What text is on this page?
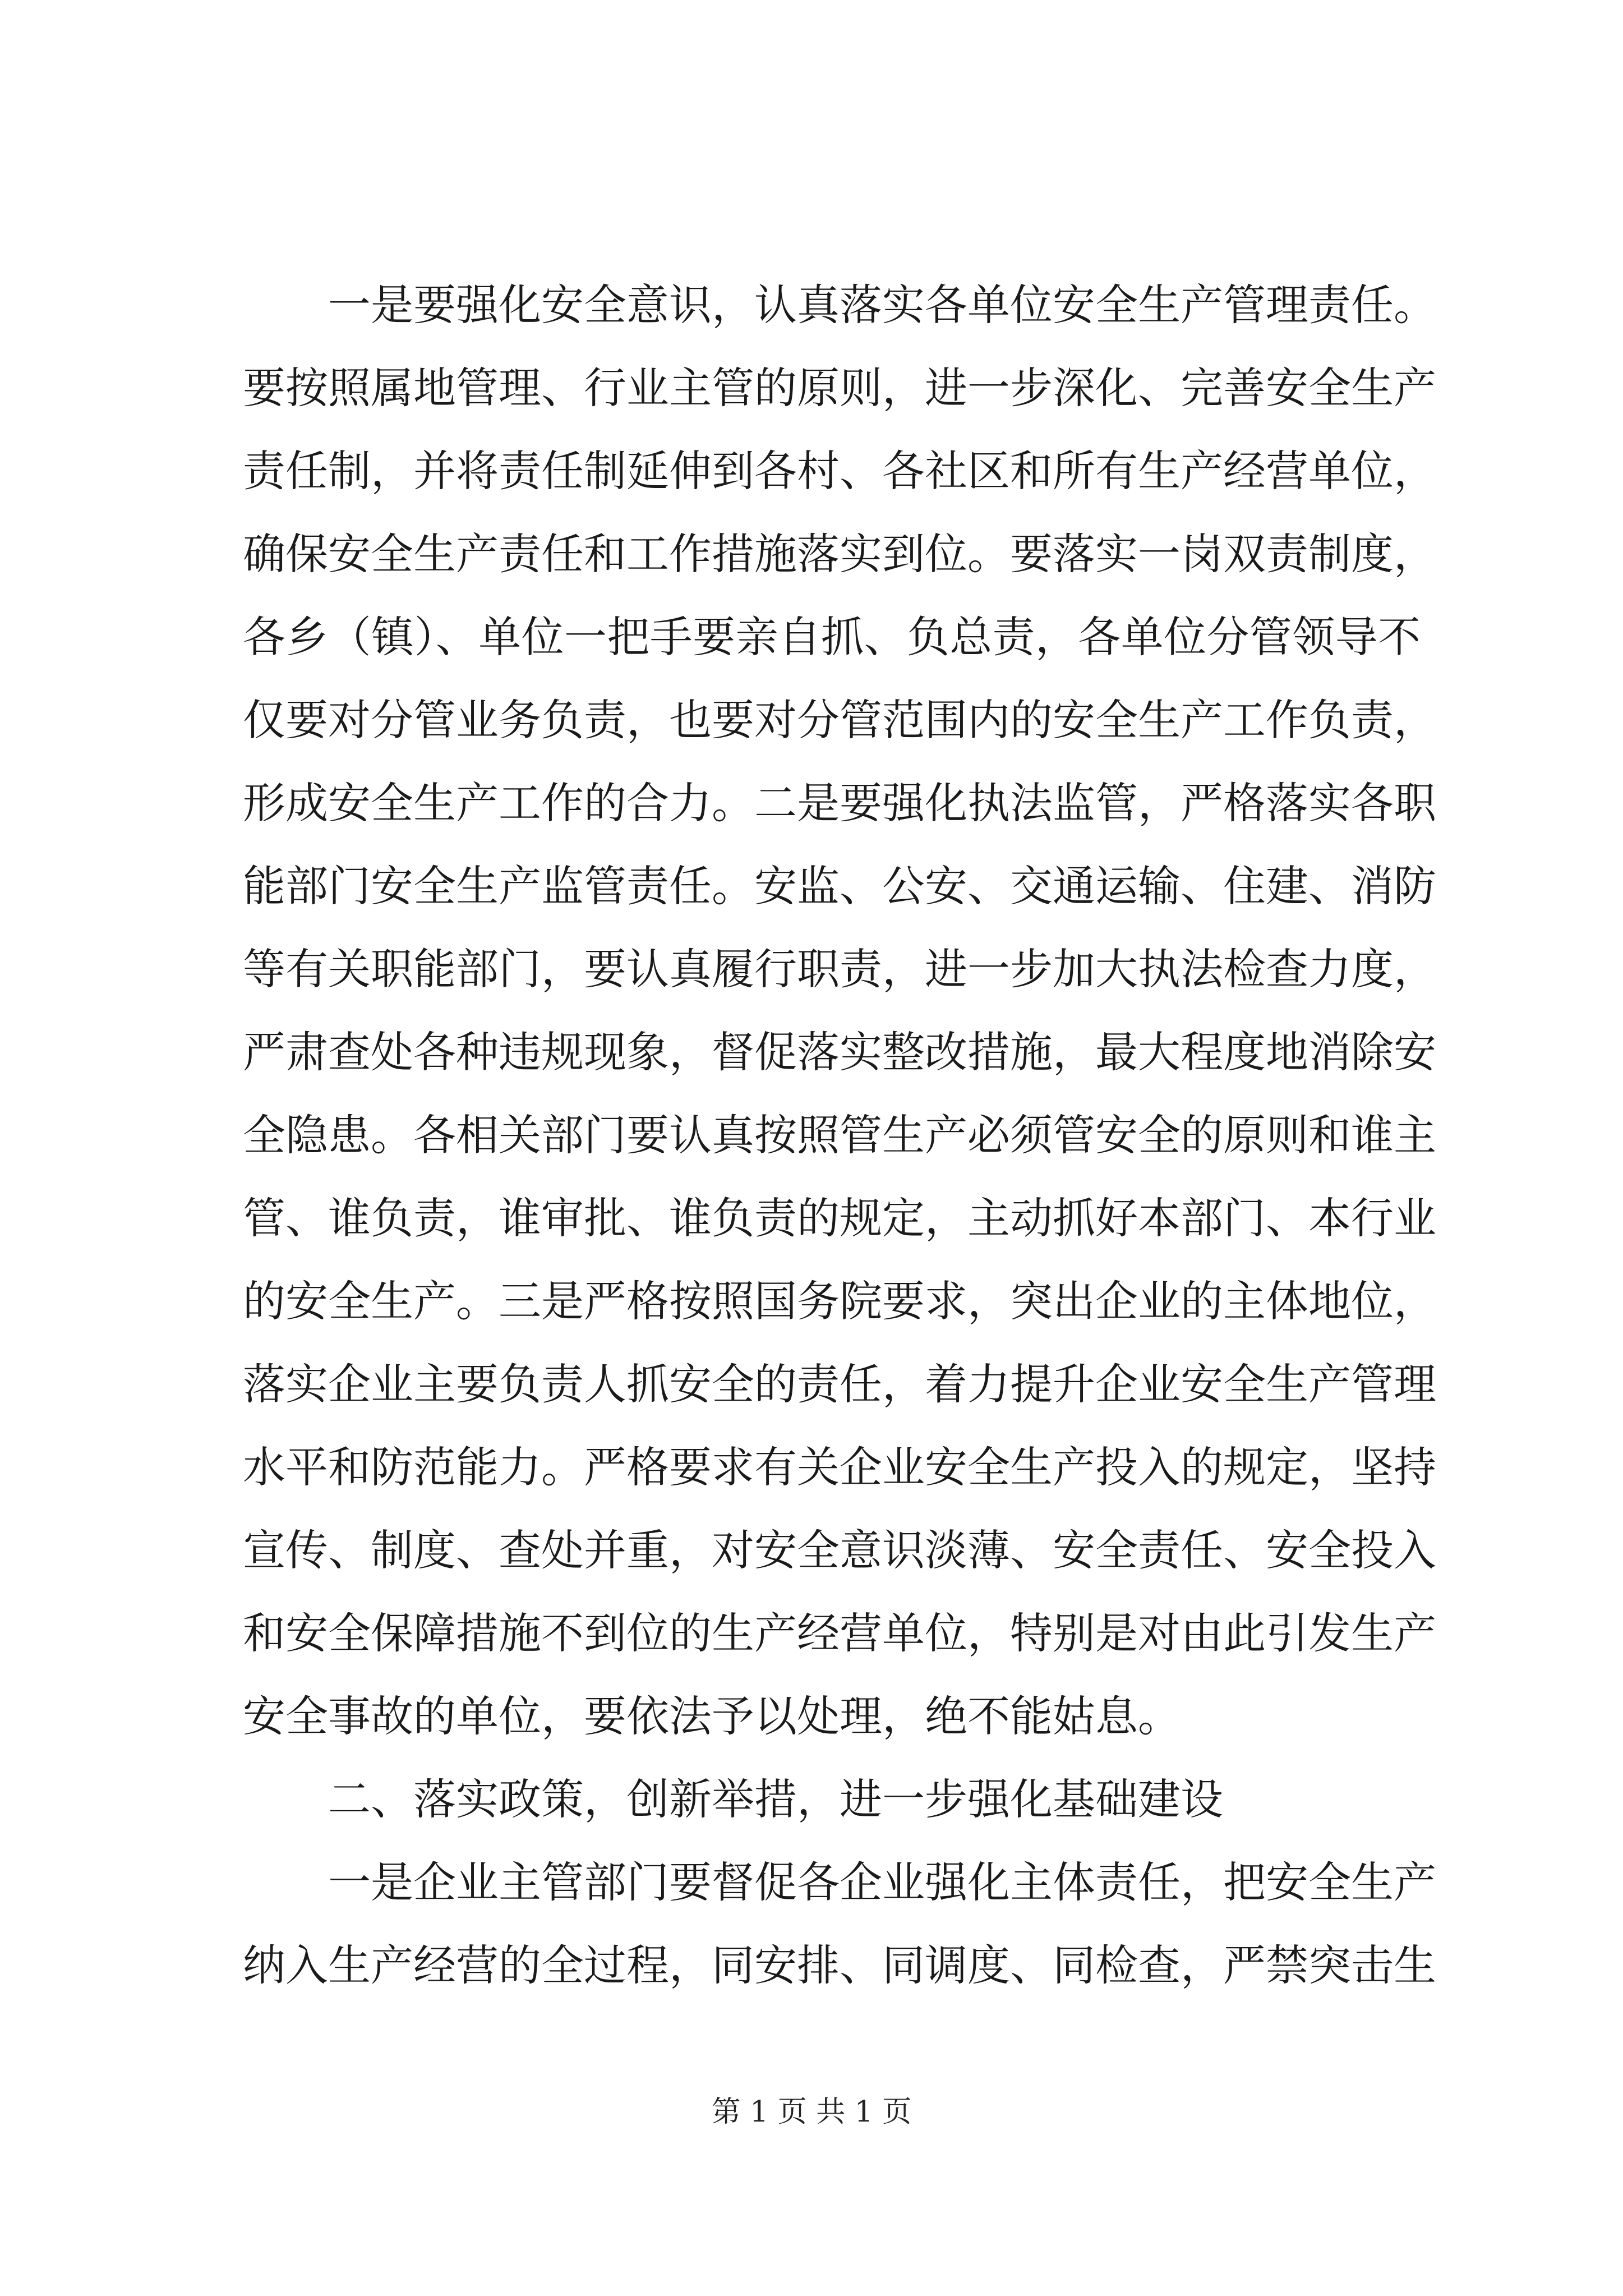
一是要强化安全意识，认真落实各单位安全生产管理责任。
要按照属地管理、行业主管的原则，进一步深化、完善安全生产
责任制，并将责任制延伸到各村、各社区和所有生产经营单位，
确保安全生产责任和工作措施落实到位。要落实一岗双责制度，
各乡（镇）、单位一把手要亲自抓、负总责，各单位分管领导不
仅要对分管业务负责，也要对分管范围内的安全生产工作负责，
形成安全生产工作的合力。二是要强化执法监管，严格落实各职
能部门安全生产监管责任。安监、公安、交通运输、住建、消防
等有关职能部门，要认真履行职责，进一步加大执法检查力度，
严肃查处各种违规现象，督促落实整改措施，最大程度地消除安
全隐患。各相关部门要认真按照管生产必须管安全的原则和谁主
管、谁负责，谁审批、谁负责的规定，主动抓好本部门、本行业
的安全生产。三是严格按照国务院要求，突出企业的主体地位，
落实企业主要负责人抓安全的责任，着力提升企业安全生产管理
水平和防范能力。严格要求有关企业安全生产投入的规定，坚持
宣传、制度、查处并重，对安全意识淡薄、安全责任、安全投入
和安全保障措施不到位的生产经营单位，特别是对由此引发生产
安全事故的单位，要依法予以处理，绝不能姑息。
二、落实政策，创新举措，进一步强化基础建设
一是企业主管部门要督促各企业强化主体责任，把安全生产
纳入生产经营的全过程，同安排、同调度、同检查，严禁突击生
第 1 页 共 1 页
